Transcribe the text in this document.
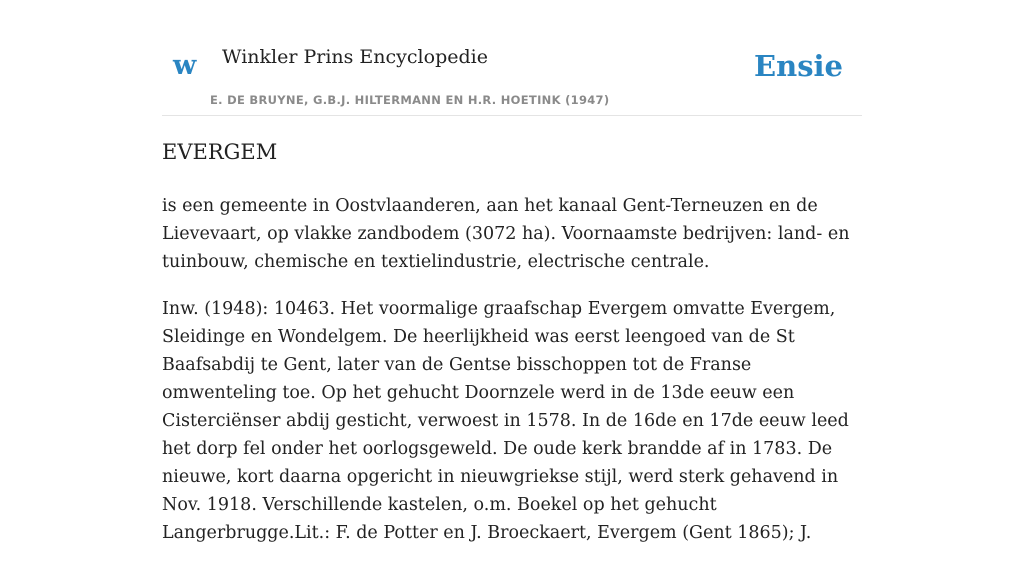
w Winkler Prins Encyclopedie
E. DE BRUYNE, G.B.J. HILTERMANN EN H.R. HOETINK (1947)
Ensie
EVERGEM

is een gemeente in Oostvlaanderen, aan het kanaal Gent-Terneuzen en de Lievevaart, op vlakke zandbodem (3072 ha). Voornaamste bedrijven: land- en tuinbouw, chemische en textielindustrie, electrische centrale.

Inw. (1948): 10463. Het voormalige graafschap Evergem omvatte Evergem, Sleidinge en Wondelgem. De heerlijkheid was eerst leengoed van de St Baafsabdij te Gent, later van de Gentse bisschoppen tot de Franse omwenteling toe. Op het gehucht Doornzele werd in de 13de eeuw een Cisterciënser abdij gesticht, verwoest in 1578. In de 16de en 17de eeuw leed het dorp fel onder het oorlogsgeweld. De oude kerk brandde af in 1783. De nieuwe, kort daarna opgericht in nieuwgriekse stijl, werd sterk gehavend in Nov. 1918. Verschillende kastelen, o.m. Boekel op het gehucht Langerbrugge.Lit.: F. de Potter en J. Broeckaert, Evergem (Gent 1865); J.
